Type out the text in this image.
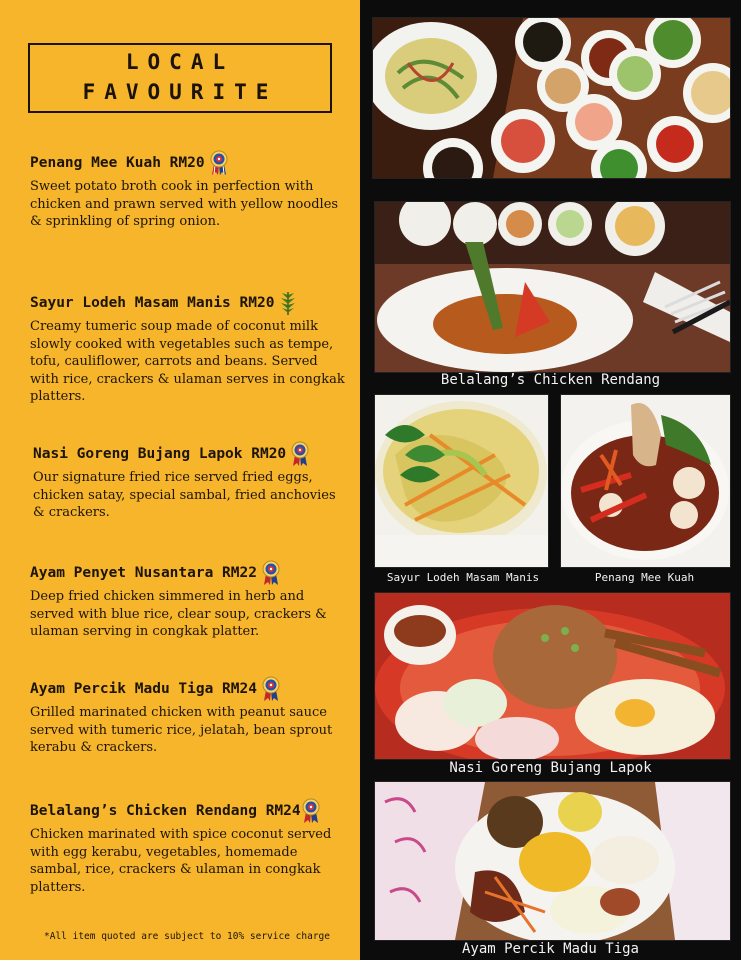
LOCAL
FAVOURITE
Penang Mee Kuah RM20
Sweet potato broth cook in perfection with chicken and prawn served with yellow noodles & sprinkling of spring onion.
Sayur Lodeh Masam Manis RM20
Creamy tumeric soup made of coconut milk slowly cooked with vegetables such as tempe, tofu, cauliflower, carrots and beans. Served with rice, crackers & ulaman serves in congkak platters.
Nasi Goreng Bujang Lapok RM20
Our signature fried rice served fried eggs, chicken satay, special sambal, fried anchovies & crackers.
Ayam Penyet Nusantara RM22
Deep fried chicken simmered in herb and served with blue rice, clear soup, crackers & ulaman serving in congkak platter.
Ayam Percik Madu Tiga RM24
Grilled marinated chicken with peanut sauce served with tumeric rice, jelatah, bean sprout kerabu & crackers.
Belalang’s Chicken Rendang RM24
Chicken marinated with spice coconut served with egg kerabu, vegetables, homemade sambal, rice, crackers & ulaman in congkak platters.
*All item quoted are subject to 10% service charge
Belalang’s Chicken Rendang
Sayur Lodeh Masam Manis	Penang Mee Kuah
Nasi Goreng Bujang Lapok
Ayam Percik Madu Tiga
